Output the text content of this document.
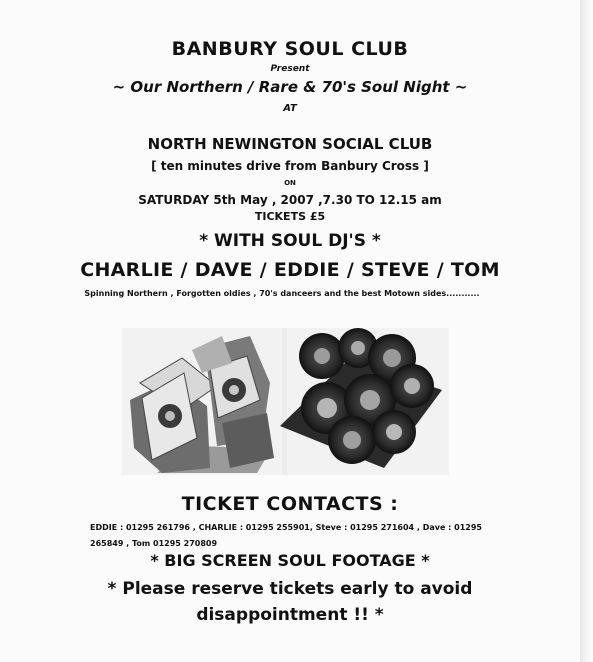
BANBURY SOUL CLUB
Present
~ Our Northern / Rare & 70's Soul Night ~
AT
NORTH NEWINGTON SOCIAL CLUB
[ ten minutes drive from Banbury Cross ]
ON
SATURDAY 5th May , 2007 ,7.30 TO 12.15 am
TICKETS £5
* WITH SOUL DJ'S *
CHARLIE / DAVE / EDDIE / STEVE / TOM
Spinning Northern , Forgotten oldies , 70's danceers and the best Motown sides...........
TICKET CONTACTS :
EDDIE : 01295 261796 , CHARLIE : 01295 255901, Steve : 01295 271604 , Dave : 01295 265849 , Tom 01295 270809
* BIG SCREEN SOUL FOOTAGE *
* Please reserve tickets early to avoid disappointment !! *
